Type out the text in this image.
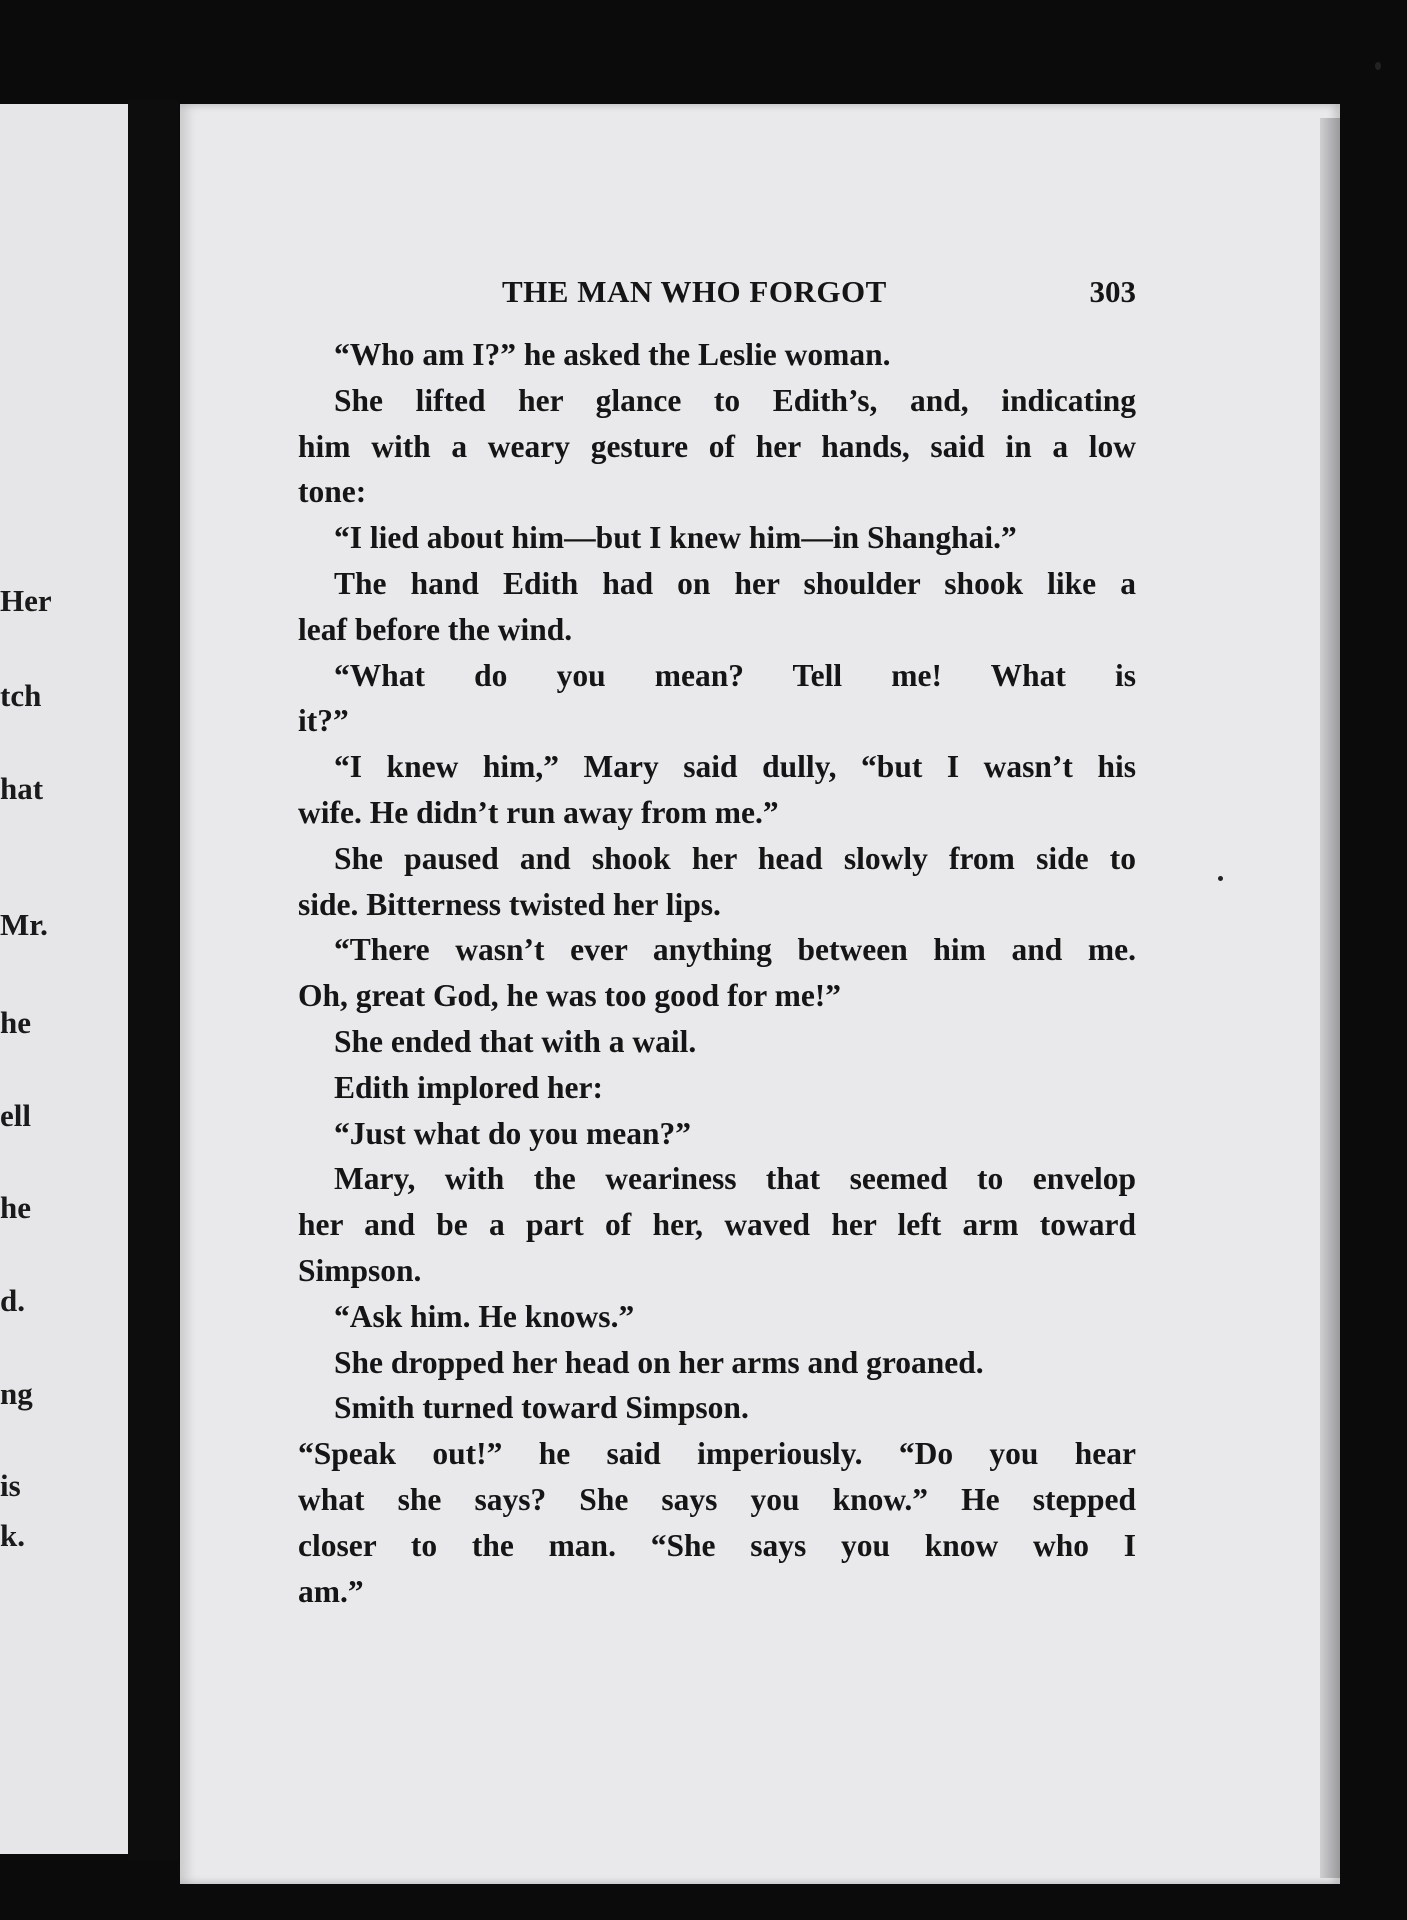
Her
tch
hat
Mr.
he
ell
he
d.
ng
is
k.
THE MAN WHO FORGOT	303
“Who am I?” he asked the Leslie woman.
She lifted her glance to Edith’s, and, indicating
him with a weary gesture of her hands, said in a low
tone:
“I lied about him—but I knew him—in Shanghai.”
The hand Edith had on her shoulder shook like a
leaf before the wind.
“What do you mean? Tell me! What is
it?”
“I knew him,” Mary said dully, “but I wasn’t his
wife. He didn’t run away from me.”
She paused and shook her head slowly from side to
side. Bitterness twisted her lips.
“There wasn’t ever anything between him and me.
Oh, great God, he was too good for me!”
She ended that with a wail.
Edith implored her:
“Just what do you mean?”
Mary, with the weariness that seemed to envelop
her and be a part of her, waved her left arm toward
Simpson.
“Ask him. He knows.”
She dropped her head on her arms and groaned.
Smith turned toward Simpson.
“Speak out!” he said imperiously. “Do you hear
what she says? She says you know.” He stepped
closer to the man. “She says you know who I
am.”
